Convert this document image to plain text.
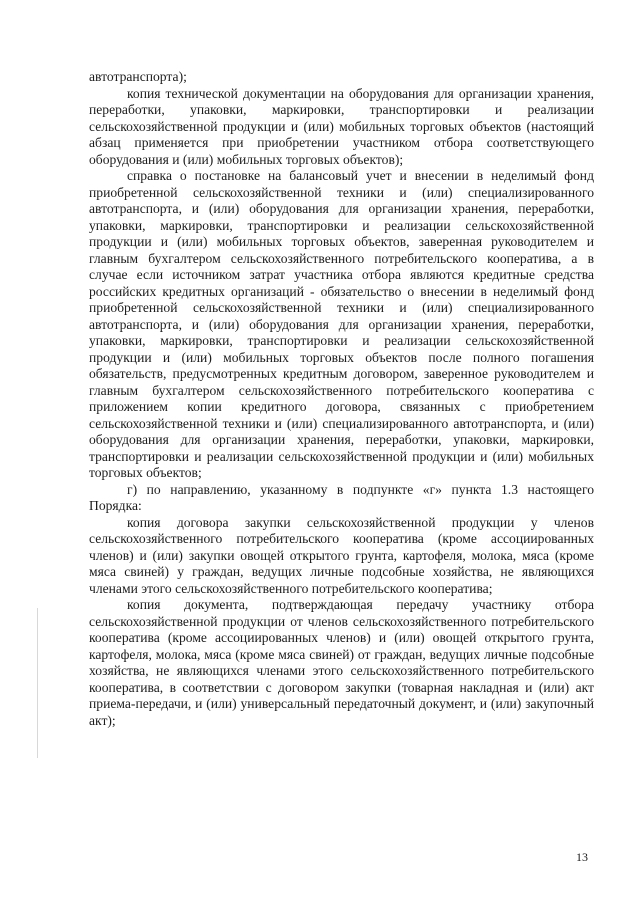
автотранспорта);

копия технической документации на оборудования для организации хранения, переработки, упаковки, маркировки, транспортировки и реализации сельскохозяйственной продукции и (или) мобильных торговых объектов (настоящий абзац применяется при приобретении участником отбора соответствующего оборудования и (или) мобильных торговых объектов);

справка о постановке на балансовый учет и внесении в неделимый фонд приобретенной сельскохозяйственной техники и (или) специализированного автотранспорта, и (или) оборудования для организации хранения, переработки, упаковки, маркировки, транспортировки и реализации сельскохозяйственной продукции и (или) мобильных торговых объектов, заверенная руководителем и главным бухгалтером сельскохозяйственного потребительского кооператива, а в случае если источником затрат участника отбора являются кредитные средства российских кредитных организаций - обязательство о внесении в неделимый фонд приобретенной сельскохозяйственной техники и (или) специализированного автотранспорта, и (или) оборудования для организации хранения, переработки, упаковки, маркировки, транспортировки и реализации сельскохозяйственной продукции и (или) мобильных торговых объектов после полного погашения обязательств, предусмотренных кредитным договором, заверенное руководителем и главным бухгалтером сельскохозяйственного потребительского кооператива с приложением копии кредитного договора, связанных с приобретением сельскохозяйственной техники и (или) специализированного автотранспорта, и (или) оборудования для организации хранения, переработки, упаковки, маркировки, транспортировки и реализации сельскохозяйственной продукции и (или) мобильных торговых объектов;

г) по направлению, указанному в подпункте «г» пункта 1.3 настоящего Порядка:

копия договора закупки сельскохозяйственной продукции у членов сельскохозяйственного потребительского кооператива (кроме ассоциированных членов) и (или) закупки овощей открытого грунта, картофеля, молока, мяса (кроме мяса свиней) у граждан, ведущих личные подсобные хозяйства, не являющихся членами этого сельскохозяйственного потребительского кооператива;

копия документа, подтверждающая передачу участнику отбора сельскохозяйственной продукции от членов сельскохозяйственного потребительского кооператива (кроме ассоциированных членов) и (или) овощей открытого грунта, картофеля, молока, мяса (кроме мяса свиней) от граждан, ведущих личные подсобные хозяйства, не являющихся членами этого сельскохозяйственного потребительского кооператива, в соответствии с договором закупки (товарная накладная и (или) акт приема-передачи, и (или) универсальный передаточный документ, и (или) закупочный акт);

13
